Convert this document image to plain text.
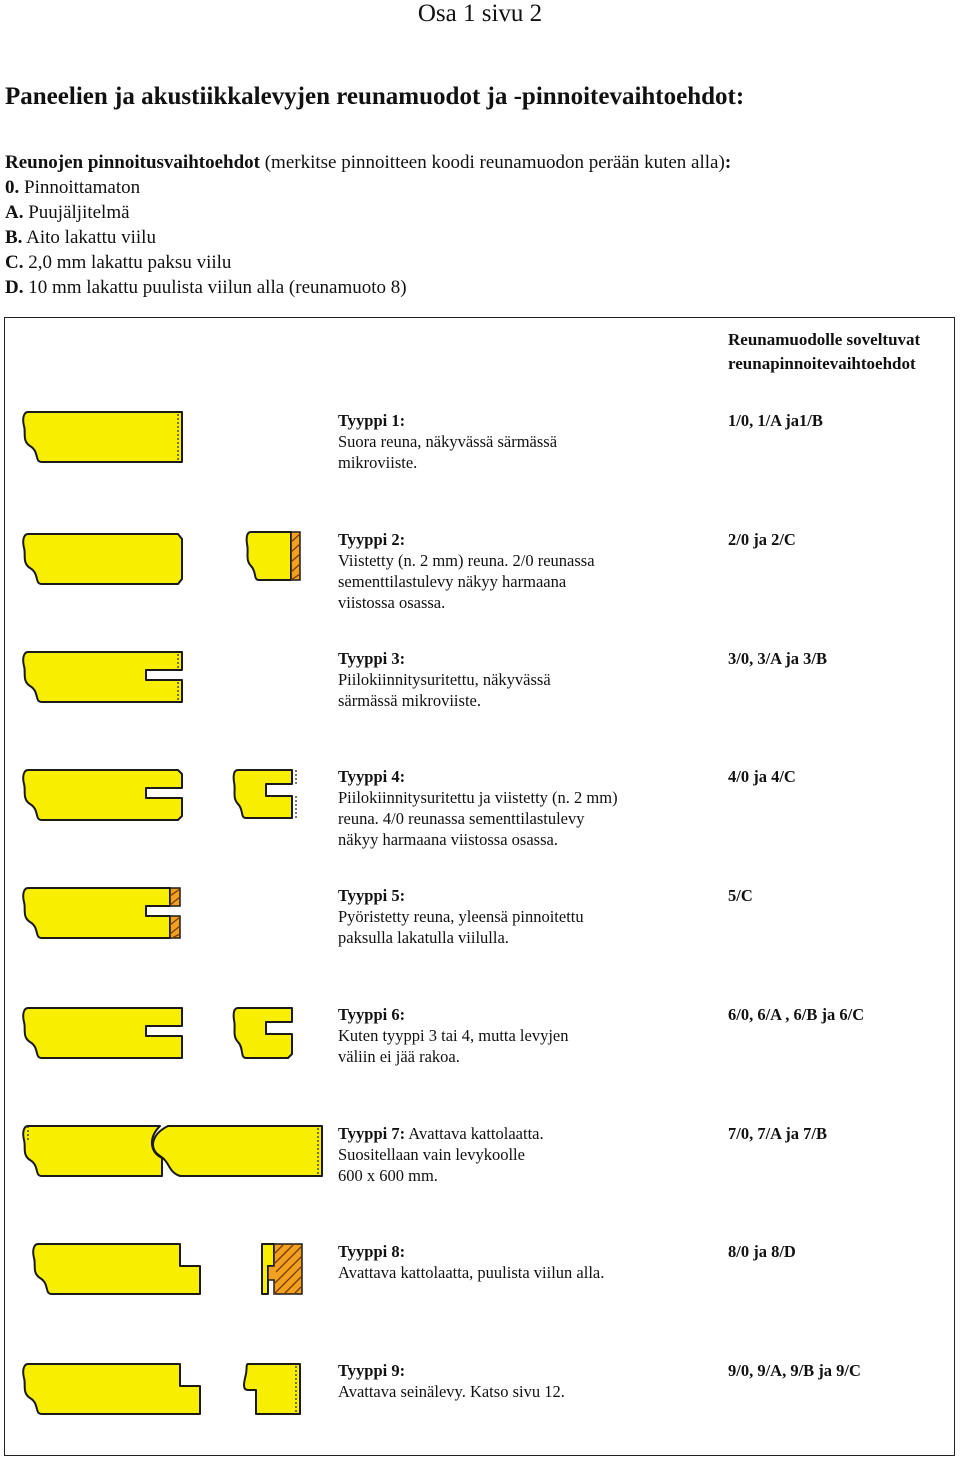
Osa 1 sivu 2
Paneelien ja akustiikkalevyjen reunamuodot ja -pinnoitevaihtoehdot:
Reunojen pinnoitusvaihtoehdot (merkitse pinnoitteen koodi reunamuodon perään kuten alla):
0. Pinnoittamaton
A. Puujäljitelmä
B. Aito lakattu viilu
C. 2,0 mm lakattu paksu viilu
D. 10 mm lakattu puulista viilun alla (reunamuoto 8)
Reunamuodolle soveltuvat
reunapinnoitevaihtoehdot
Tyyppi 1:
Suora reuna, näkyvässä särmässä
mikroviiste.
1/0, 1/A ja1/B
Tyyppi 2:
Viistetty (n. 2 mm) reuna. 2/0 reunassa
sementtilastulevy näkyy harmaana
viistossa osassa.
2/0 ja 2/C
Tyyppi 3:
Piilokiinnitysuritettu, näkyvässä
särmässä mikroviiste.
3/0, 3/A ja 3/B
Tyyppi 4:
Piilokiinnitysuritettu ja viistetty (n. 2 mm)
reuna. 4/0 reunassa sementtilastulevy
näkyy harmaana viistossa osassa.
4/0 ja 4/C
Tyyppi 5:
Pyöristetty reuna, yleensä pinnoitettu
paksulla lakatulla viilulla.
5/C
Tyyppi 6:
Kuten tyyppi 3 tai 4, mutta levyjen
väliin ei jää rakoa.
6/0, 6/A , 6/B ja 6/C
Tyyppi 7: Avattava kattolaatta.
Suositellaan vain levykoolle
600 x 600 mm.
7/0, 7/A ja 7/B
Tyyppi 8:
Avattava kattolaatta, puulista viilun alla.
8/0 ja 8/D
Tyyppi 9:
Avattava seinälevy. Katso sivu 12.
9/0, 9/A, 9/B ja 9/C
